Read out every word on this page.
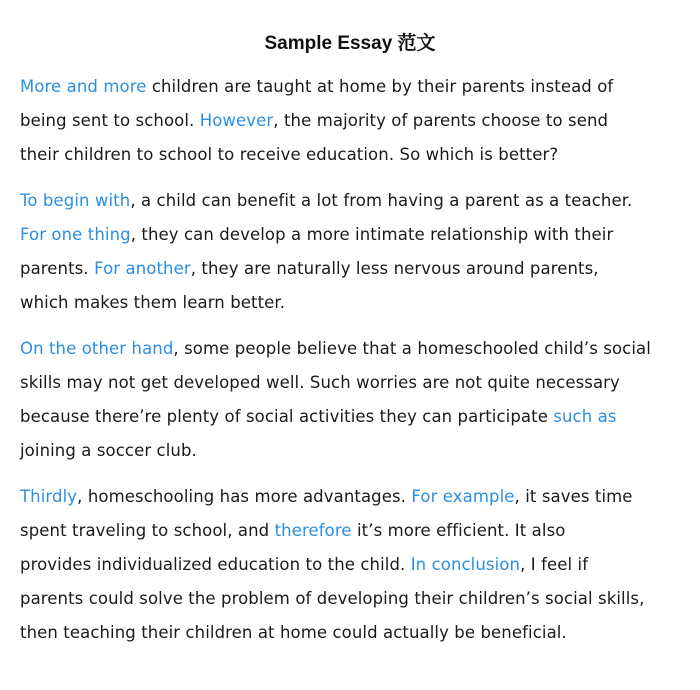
Sample Essay 范文
More and more children are taught at home by their parents instead of
being sent to school. However, the majority of parents choose to send
their children to school to receive education. So which is better?
To begin with, a child can benefit a lot from having a parent as a teacher.
For one thing, they can develop a more intimate relationship with their
parents. For another, they are naturally less nervous around parents,
which makes them learn better.
On the other hand, some people believe that a homeschooled child’s social
skills may not get developed well. Such worries are not quite necessary
because there’re plenty of social activities they can participate such as
joining a soccer club.
Thirdly, homeschooling has more advantages. For example, it saves time
spent traveling to school, and therefore it’s more efficient. It also
provides individualized education to the child. In conclusion, I feel if
parents could solve the problem of developing their children’s social skills,
then teaching their children at home could actually be beneficial.
